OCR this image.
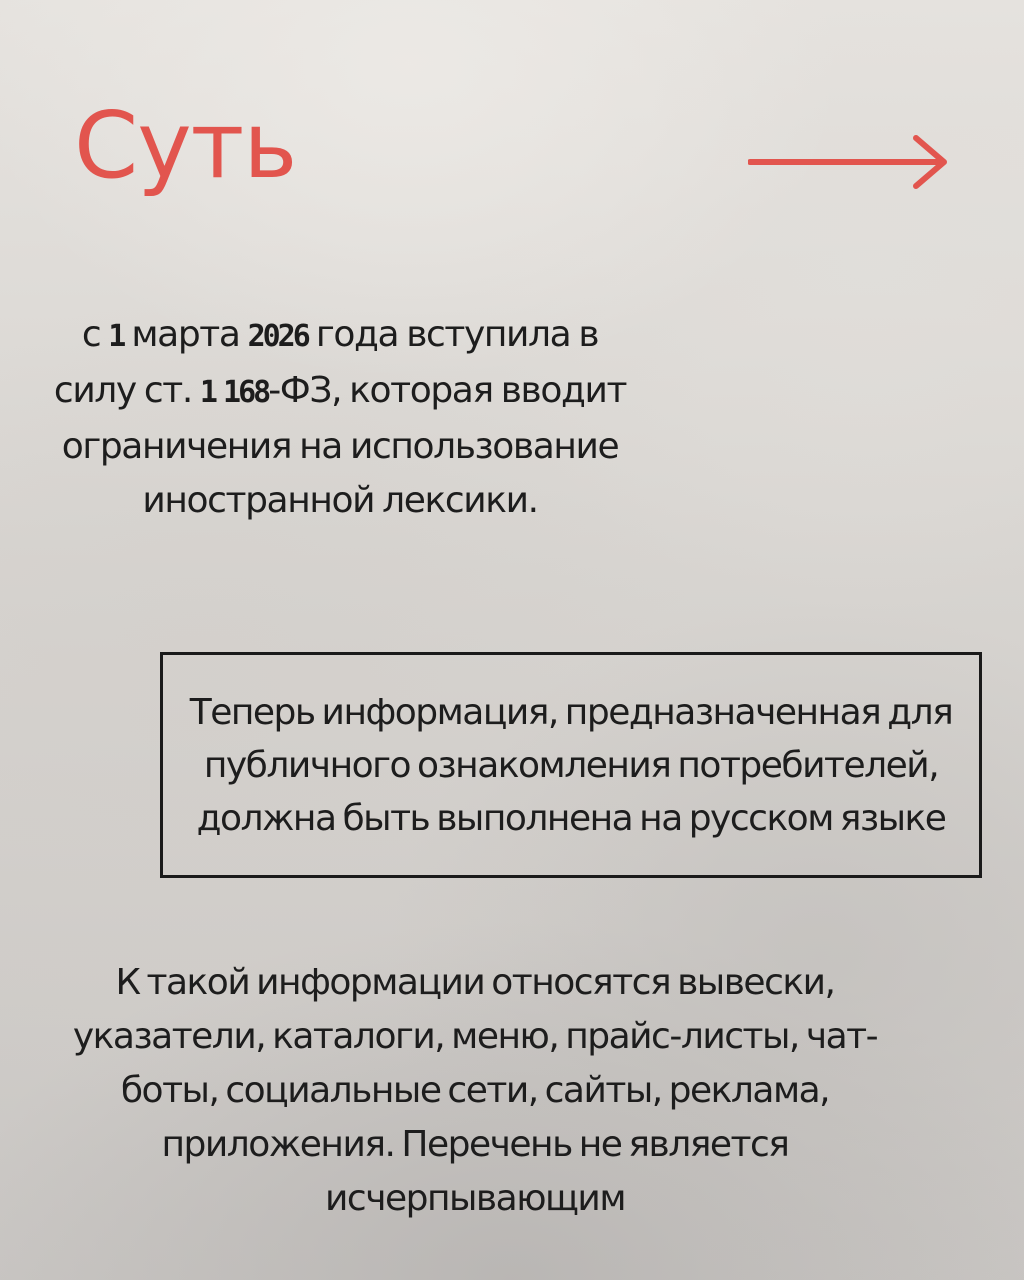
Суть

с 1 марта 2026 года вступила в силу ст. 1 168-ФЗ, которая вводит ограничения на использование иностранной лексики.

Теперь информация, предназначенная для публичного ознакомления потребителей, должна быть выполнена на русском языке

К такой информации относятся вывески, указатели, каталоги, меню, прайс-листы, чат-боты, социальные сети, сайты, реклама, приложения. Перечень не является исчерпывающим
